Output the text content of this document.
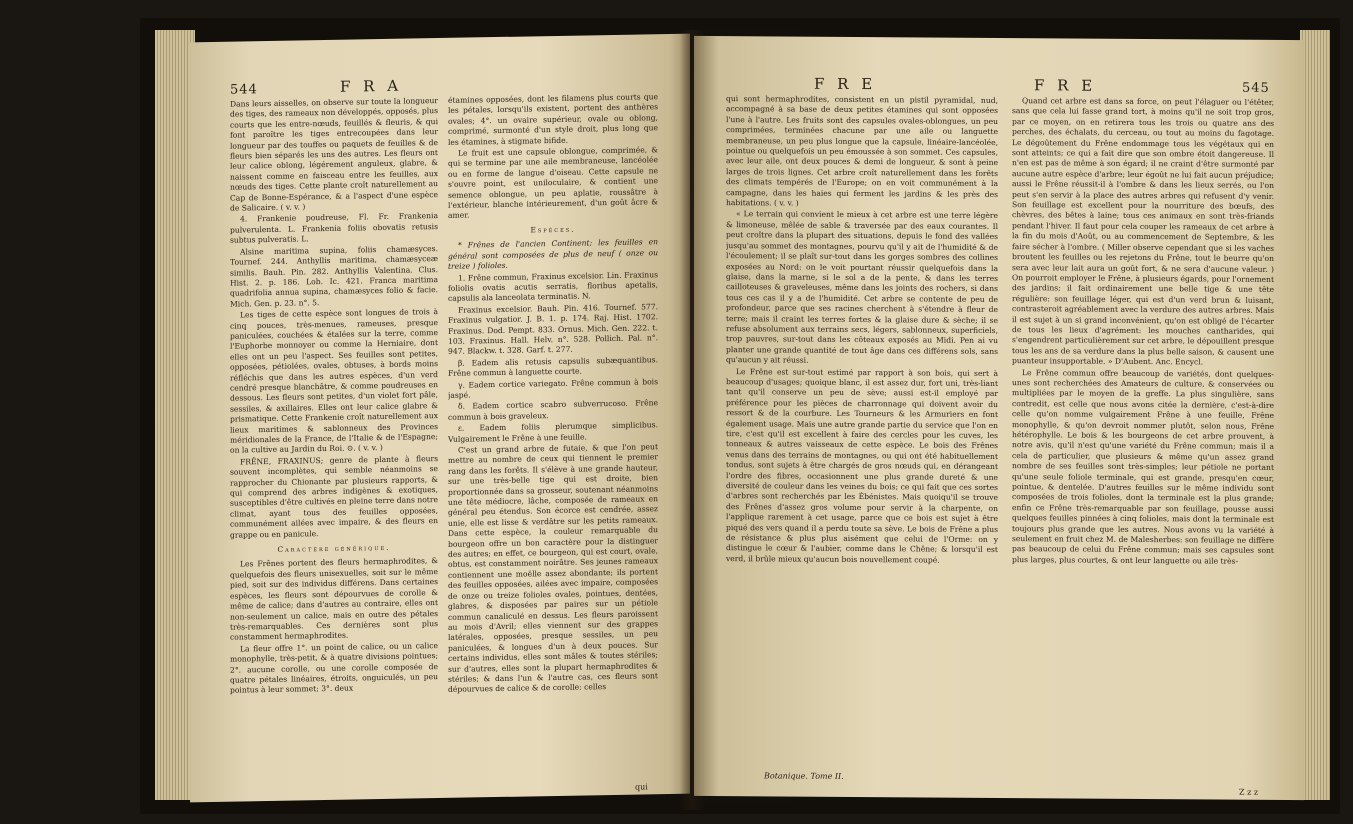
544	F R A

Dans leurs aisselles, on observe sur toute la longueur des tiges, des rameaux non développés, opposés, plus courts que les entre-nœuds, feuillés & fleuris, & qui font paroître les tiges entrecoupées dans leur longueur par des touffes ou paquets de feuilles & de fleurs bien séparés les uns des autres. Les fleurs ont leur calice oblong, légérement anguleux, glabre, & naissent comme en faisceau entre les feuilles, aux nœuds des tiges. Cette plante croît naturellement au Cap de Bonne-Espérance, & a l'aspect d'une espèce de Salicaire. ( v. v. )

4. Frankenie poudreuse, Fl. Fr. Frankenia pulverulenta. L. Frankenia foliis obovatis retusis subtus pulveratis. L.

Alsine maritima supina, foliis chamæsyces. Tournef. 244. Anthyllis maritima, chamæsyceæ similis. Bauh. Pin. 282. Anthyllis Valentina. Clus. Hist. 2. p. 186. Lob. Ic. 421. Franca maritima quadrifolia annua supina, chamæsyces folio & facie. Mich. Gen. p. 23. n°. 5.

Les tiges de cette espèce sont longues de trois à cinq pouces, très-menues, rameuses, presque paniculées, couchées & étalées sur la terre, comme l'Euphorbe monnoyer ou comme la Herniaire, dont elles ont un peu l'aspect. Ses feuilles sont petites, opposées, pétiolées, ovales, obtuses, à bords moins réfléchis que dans les autres espèces, d'un verd cendré presque blanchâtre, & comme poudreuses en dessous. Les fleurs sont petites, d'un violet fort pâle, sessiles, & axillaires. Elles ont leur calice glabre & prismatique. Cette Frankenie croît naturellement aux lieux maritimes & sablonneux des Provinces méridionales de la France, de l'Italie & de l'Espagne; on la cultive au Jardin du Roi. ⊙. ( v. v. )

FRÊNE, FRAXINUS; genre de plante à fleurs souvent incomplètes, qui semble néanmoins se rapprocher du Chionante par plusieurs rapports, & qui comprend des arbres indigènes & exotiques, susceptibles d'être cultivés en pleine terre dans notre climat, ayant tous des feuilles opposées, communément ailées avec impaire, & des fleurs en grappe ou en panicule.

Caractère générique.

Les Frênes portent des fleurs hermaphrodites, & quelquefois des fleurs unisexuelles, soit sur le même pied, soit sur des individus différens. Dans certaines espèces, les fleurs sont dépourvues de corolle & même de calice; dans d'autres au contraire, elles ont non-seulement un calice, mais en outre des pétales très-remarquables. Ces dernières sont plus constamment hermaphrodites.

La fleur offre 1°. un point de calice, ou un calice monophylle, très-petit, & à quatre divisions pointues; 2°. aucune corolle, ou une corolle composée de quatre pétales linéaires, étroits, onguiculés, un peu pointus à leur sommet; 3°. deux

étamines opposées, dont les filamens plus courts que les pétales, lorsqu'ils existent, portent des anthères ovales; 4°. un ovaire supérieur, ovale ou oblong, comprimé, surmonté d'un style droit, plus long que les étamines, à stigmate bifide.

Le fruit est une capsule oblongue, comprimée, & qui se termine par une aile membraneuse, lancéolée ou en forme de langue d'oiseau. Cette capsule ne s'ouvre point, est uniloculaire, & contient une semence oblongue, un peu aplatie, roussâtre à l'extérieur, blanche intérieurement, d'un goût âcre & amer.

Espèces.

* Frênes de l'ancien Continent; les feuilles en général sont composées de plus de neuf ( onze ou treize ) folioles.

1. Frêne commun, Fraxinus excelsior. Lin. Fraxinus foliolis ovatis acutis serratis, floribus apetalis, capsulis ala lanceolata terminatis. N.

Fraxinus excelsior. Bauh. Pin. 416. Tournef. 577. Fraxinus vulgatior. J. B. 1. p. 174. Raj. Hist. 1702. Fraxinus. Dod. Pempt. 833. Ornus. Mich. Gen. 222. t. 103. Fraxinus. Hall. Helv. n°. 528. Pollich. Pal. n°. 947. Blackw. t. 328. Garf. t. 277.

β. Eadem alis retusis capsulis subæquantibus. Frêne commun à languette courte.

γ. Eadem cortice variegato. Frêne commun à bois jaspé.

δ. Eadem cortice scabro subverrucoso. Frêne commun à bois graveleux.

ε. Eadem foliis plerumque simplicibus. Vulgairement le Frêne à une feuille.

C'est un grand arbre de futaie, & que l'on peut mettre au nombre de ceux qui tiennent le premier rang dans les forêts. Il s'élève à une grande hauteur, sur une très-belle tige qui est droite, bien proportionnée dans sa grosseur, soutenant néanmoins une tête médiocre, lâche, composée de rameaux en général peu étendus. Son écorce est cendrée, assez unie, elle est lisse & verdâtre sur les petits rameaux. Dans cette espèce, la couleur remarquable du bourgeon offre un bon caractère pour la distinguer des autres; en effet, ce bourgeon, qui est court, ovale, obtus, est constamment noirâtre. Ses jeunes rameaux contiennent une moëlle assez abondante; ils portent des feuilles opposées, ailées avec impaire, composées de onze ou treize folioles ovales, pointues, dentées, glabres, & disposées par paires sur un pétiole commun canaliculé en dessus. Les fleurs paroissent au mois d'Avril; elles viennent sur des grappes latérales, opposées, presque sessiles, un peu paniculées, & longues d'un à deux pouces. Sur certains individus, elles sont mâles & toutes stériles; sur d'autres, elles sont la plupart hermaphrodites & stériles; & dans l'un & l'autre cas, ces fleurs sont dépourvues de calice & de corolle: celles

qui
F R E	F R E	545

qui sont hermaphrodites, consistent en un pistil pyramidal, nud, accompagné à sa base de deux petites étamines qui sont opposées l'une à l'autre. Les fruits sont des capsules ovales-oblongues, un peu comprimées, terminées chacune par une aile ou languette membraneuse, un peu plus longue que la capsule, linéaire-lancéolée, pointue ou quelquefois un peu émoussée à son sommet. Ces capsules, avec leur aile, ont deux pouces & demi de longueur, & sont à peine larges de trois lignes. Cet arbre croît naturellement dans les forêts des climats tempérés de l'Europe; on en voit communément à la campagne, dans les haies qui ferment les jardins & les près des habitations. ( v. v. )

« Le terrain qui convient le mieux à cet arbre est une terre légère & limoneuse, mêlée de sable & traversée par des eaux courantes. Il peut croître dans la plupart des situations, depuis le fond des vallées jusqu'au sommet des montagnes, pourvu qu'il y ait de l'humidité & de l'écoulement; il se plaît sur-tout dans les gorges sombres des collines exposées au Nord: on le voit pourtant réussir quelquefois dans la glaise, dans la marne, si le sol a de la pente, & dans les terres cailloteuses & graveleuses, même dans les joints des rochers, si dans tous ces cas il y a de l'humidité. Cet arbre se contente de peu de profondeur, parce que ses racines cherchent à s'étendre à fleur de terre; mais il craint les terres fortes & la glaise dure & sèche; il se refuse absolument aux terrains secs, légers, sablonneux, superficiels, trop pauvres, sur-tout dans les côteaux exposés au Midi. Pen ai vu planter une grande quantité de tout âge dans ces différens sols, sans qu'aucun y ait réussi.

Le Frêne est sur-tout estimé par rapport à son bois, qui sert à beaucoup d'usages; quoique blanc, il est assez dur, fort uni, très-liant tant qu'il conserve un peu de sève; aussi est-il employé par préférence pour les pièces de charronnage qui doivent avoir du ressort & de la courbure. Les Tourneurs & les Armuriers en font également usage. Mais une autre grande partie du service que l'on en tire, c'est qu'il est excellent à faire des cercles pour les cuves, les tonneaux & autres vaisseaux de cette espèce. Le bois des Frênes venus dans des terrains de montagnes, ou qui ont été habituellement tondus, sont sujets à être chargés de gros nœuds qui, en dérangeant l'ordre des fibres, occasionnent une plus grande dureté & une diversité de couleur dans les veines du bois; ce qui fait que ces sortes d'arbres sont recherchés par les Ébénistes. Mais quoiqu'il se trouve des Frênes d'assez gros volume pour servir à la charpente, on l'applique rarement à cet usage, parce que ce bois est sujet à être piqué des vers quand il a perdu toute sa sève. Le bois de Frêne a plus de résistance & plus plus aisément que celui de l'Orme: on y distingue le cœur & l'aubier, comme dans le Chêne; & lorsqu'il est verd, il brûle mieux qu'aucun bois nouvellement coupé.

Botanique. Tome II.

Quand cet arbre est dans sa force, on peut l'élaguer ou l'étêter, sans que cela lui fasse grand tort, à moins qu'il ne soit trop gros, par ce moyen, on en retirera tous les trois ou quatre ans des perches, des échalats, du cerceau, ou tout au moins du fagotage. Le dégoûtement du Frêne endommage tous les végétaux qui en sont atteints; ce qui a fait dire que son ombre étoit dangereuse. Il n'en est pas de même à son égard; il ne craint d'être surmonté par aucune autre espèce d'arbre; leur égoût ne lui fait aucun préjudice; aussi le Frêne réussit-il à l'ombre & dans les lieux serrés, ou l'on peut s'en servir à la place des autres arbres qui refusent d'y venir. Son feuillage est excellent pour la nourriture des bœufs, des chèvres, des bêtes à laine; tous ces animaux en sont très-friands pendant l'hiver. Il faut pour cela couper les rameaux de cet arbre à la fin du mois d'Août, ou au commencement de Septembre, & les faire sécher à l'ombre. ( Miller observe cependant que si les vaches broutent les feuilles ou les rejetons du Frêne, tout le beurre qu'on sera avec leur lait aura un goût fort, & ne sera d'aucune valeur. ) On pourroit employer le Frêne, à plusieurs égards, pour l'ornement des jardins; il fait ordinairement une belle tige & une tête régulière: son feuillage léger, qui est d'un verd brun & luisant, contrasteroit agréablement avec la verdure des autres arbres. Mais il est sujet à un si grand inconvénient, qu'on est obligé de l'écarter de tous les lieux d'agrément: les mouches cantharides, qui s'engendrent particulièrement sur cet arbre, le dépouillent presque tous les ans de sa verdure dans la plus belle saison, & causent une puanteur insupportable. » D'Aubent. Anc. Encycl.

Le Frêne commun offre beaucoup de variétés, dont quelques-unes sont recherchées des Amateurs de culture, & conservées ou multipliées par le moyen de la greffe. La plus singulière, sans contredit, est celle que nous avons citée la dernière, c'est-à-dire celle qu'on nomme vulgairement Frêne à une feuille, Frêne monophylle, & qu'on devroit nommer plutôt, selon nous, Frêne hétérophylle. Le bois & les bourgeons de cet arbre prouvent, à notre avis, qu'il n'est qu'une variété du Frêne commun; mais il a cela de particulier, que plusieurs & même qu'un assez grand nombre de ses feuilles sont très-simples; leur pétiole ne portant qu'une seule foliole terminale, qui est grande, presqu'en cœur, pointue, & dentelée. D'autres feuilles sur le même individu sont composées de trois folioles, dont la terminale est la plus grande; enfin ce Frêne très-remarquable par son feuillage, pousse aussi quelques feuilles pinnées à cinq folioles, mais dont la terminale est toujours plus grande que les autres. Nous avons vu la variété à seulement en fruit chez M. de Malesherbes: son feuillage ne diffère pas beaucoup de celui du Frêne commun; mais ses capsules sont plus larges, plus courtes, & ont leur languette ou aile très-

Z z z
